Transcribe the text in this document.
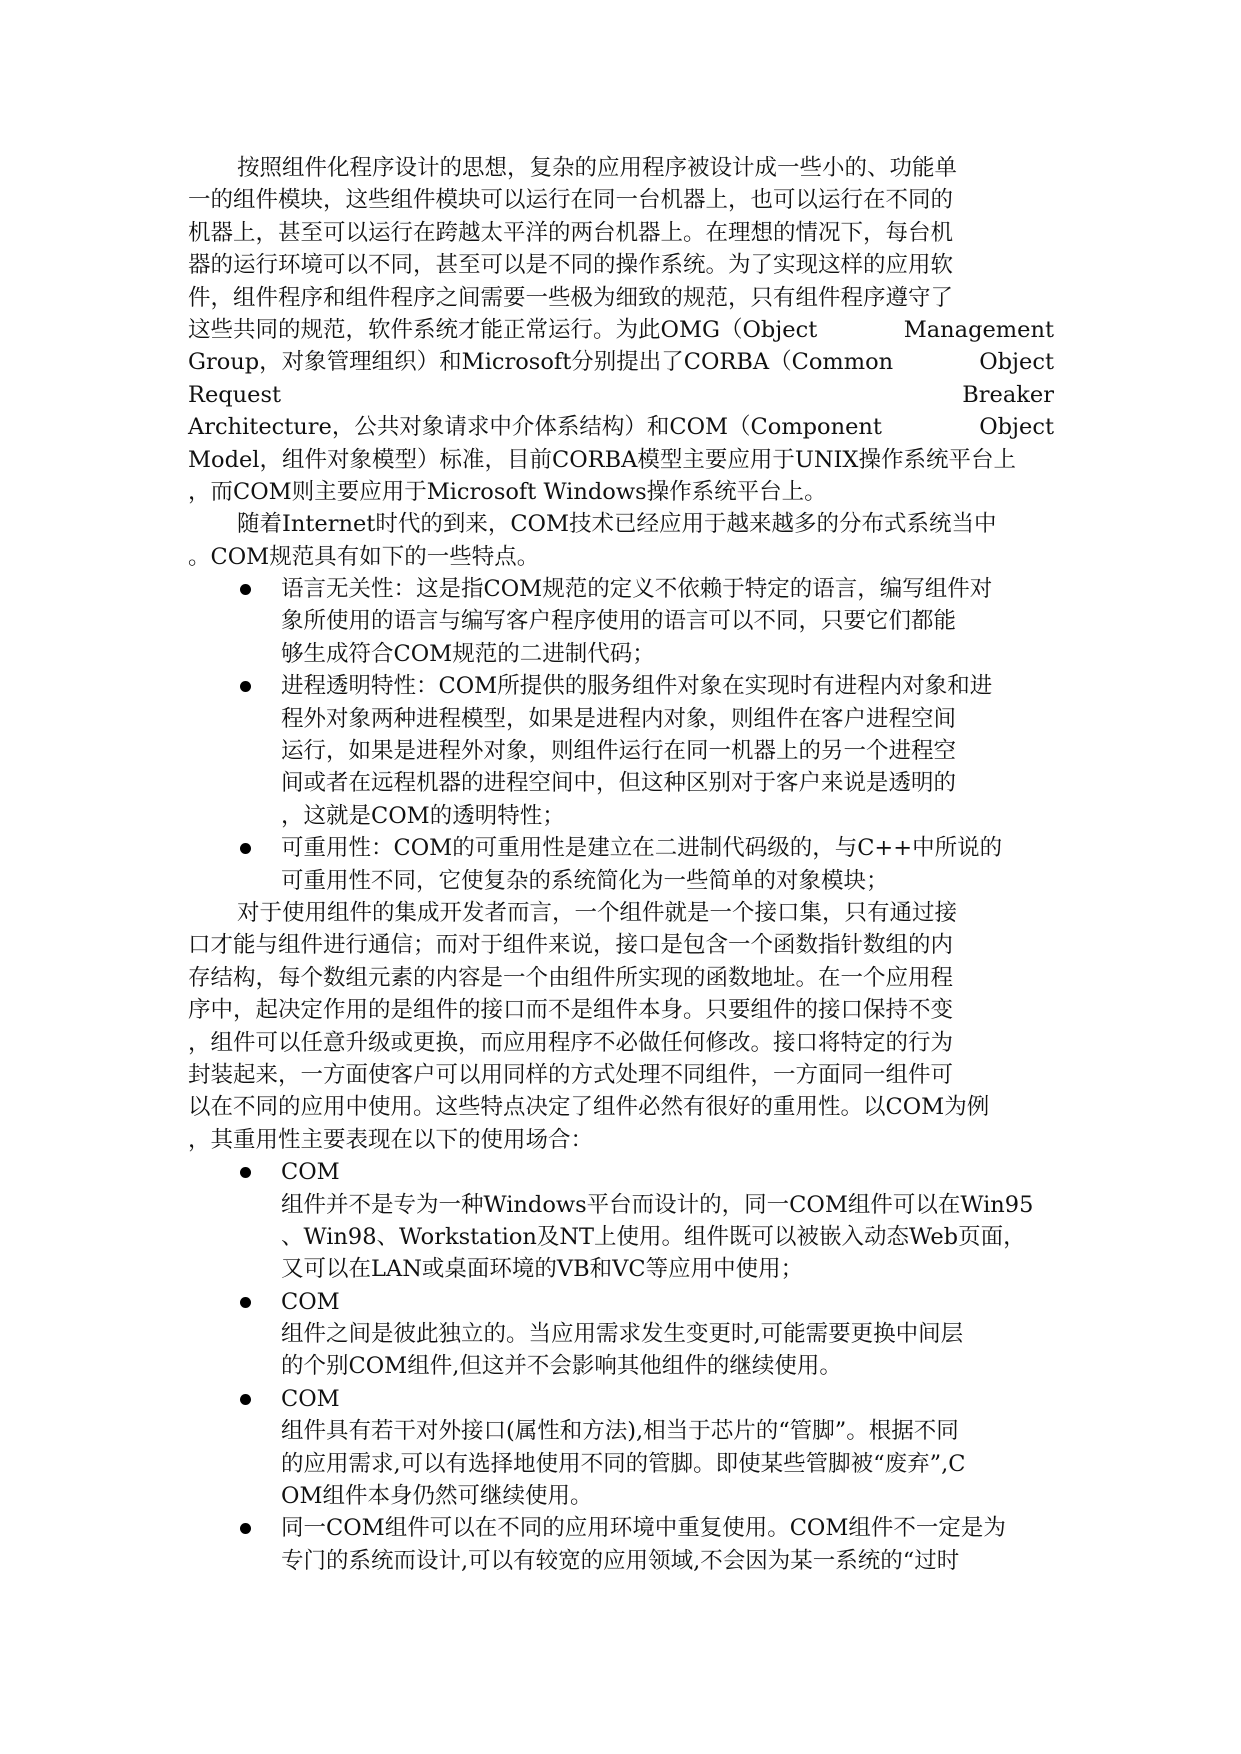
按照组件化程序设计的思想，复杂的应用程序被设计成一些小的、功能单
一的组件模块，这些组件模块可以运行在同一台机器上，也可以运行在不同的
机器上，甚至可以运行在跨越太平洋的两台机器上。在理想的情况下，每台机
器的运行环境可以不同，甚至可以是不同的操作系统。为了实现这样的应用软
件，组件程序和组件程序之间需要一些极为细致的规范，只有组件程序遵守了
这些共同的规范，软件系统才能正常运行。为此OMG（Object	Management
Group，对象管理组织）和Microsoft分别提出了CORBA（Common	Object
Request	Breaker
Architecture，公共对象请求中介体系结构）和COM（Component	Object
Model，组件对象模型）标准，目前CORBA模型主要应用于UNIX操作系统平台上
，而COM则主要应用于Microsoft Windows操作系统平台上。
随着Internet时代的到来，COM技术已经应用于越来越多的分布式系统当中
。COM规范具有如下的一些特点。
语言无关性：这是指COM规范的定义不依赖于特定的语言，编写组件对
象所使用的语言与编写客户程序使用的语言可以不同，只要它们都能
够生成符合COM规范的二进制代码；
进程透明特性：COM所提供的服务组件对象在实现时有进程内对象和进
程外对象两种进程模型，如果是进程内对象，则组件在客户进程空间
运行，如果是进程外对象，则组件运行在同一机器上的另一个进程空
间或者在远程机器的进程空间中，但这种区别对于客户来说是透明的
，这就是COM的透明特性；
可重用性：COM的可重用性是建立在二进制代码级的，与C++中所说的
可重用性不同，它使复杂的系统简化为一些简单的对象模块；
对于使用组件的集成开发者而言，一个组件就是一个接口集，只有通过接
口才能与组件进行通信；而对于组件来说，接口是包含一个函数指针数组的内
存结构，每个数组元素的内容是一个由组件所实现的函数地址。在一个应用程
序中，起决定作用的是组件的接口而不是组件本身。只要组件的接口保持不变
，组件可以任意升级或更换，而应用程序不必做任何修改。接口将特定的行为
封装起来，一方面使客户可以用同样的方式处理不同组件，一方面同一组件可
以在不同的应用中使用。这些特点决定了组件必然有很好的重用性。以COM为例
，其重用性主要表现在以下的使用场合：
COM
组件并不是专为一种Windows平台而设计的，同一COM组件可以在Win95
、Win98、Workstation及NT上使用。组件既可以被嵌入动态Web页面，
又可以在LAN或桌面环境的VB和VC等应用中使用；
COM
组件之间是彼此独立的。当应用需求发生变更时,可能需要更换中间层
的个别COM组件,但这并不会影响其他组件的继续使用。
COM
组件具有若干对外接口(属性和方法),相当于芯片的“管脚”。根据不同
的应用需求,可以有选择地使用不同的管脚。即使某些管脚被“废弃”,C
OM组件本身仍然可继续使用。
同一COM组件可以在不同的应用环境中重复使用。COM组件不一定是为
专门的系统而设计,可以有较宽的应用领域,不会因为某一系统的“过时
